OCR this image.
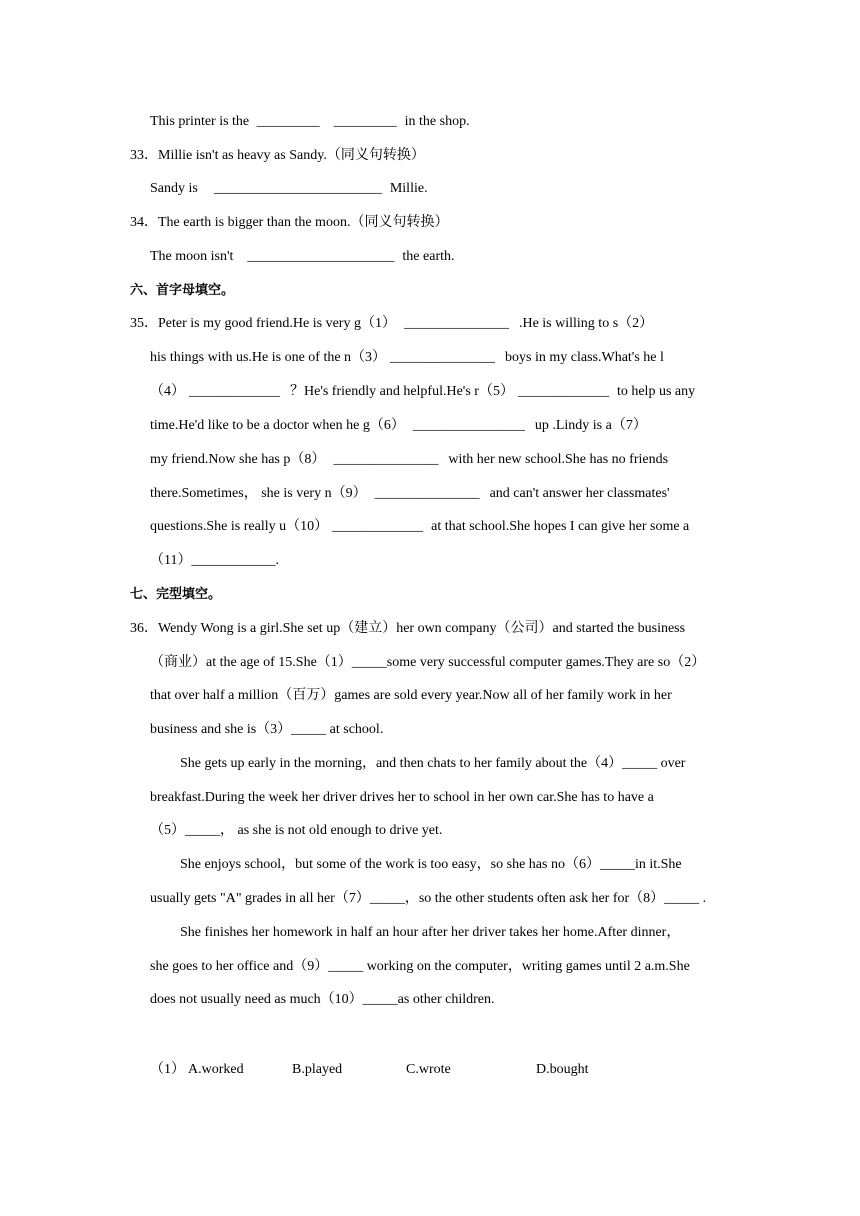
This printer is the _________ _________ in the shop.
33．Millie isn't as heavy as Sandy.（同义句转换）
Sandy is ________________________ Millie.
34．The earth is bigger than the moon.（同义句转换）
The moon isn't _____________________ the earth.
六、首字母填空。
35．Peter is my good friend.He is very g（1） _______________ .He is willing to s（2）
his things with us.He is one of the n（3） _______________ boys in my class.What's he l
（4） _____________ ？He's friendly and helpful.He's r（5） _____________ to help us any
time.He'd like to be a doctor when he g（6） ________________ up .Lindy is a（7）
my friend.Now she has p（8） _______________ with her new school.She has no friends
there.Sometimes， she is very n（9） _______________ and can't answer her classmates'
questions.She is really u（10） _____________ at that school.She hopes I can give her some a
（11）____________.
七、完型填空。
36．Wendy Wong is a girl.She set up（建立）her own company（公司）and started the business
（商业）at the age of 15.She（1）_____some very successful computer games.They are so（2）
that over half a million（百万）games are sold every year.Now all of her family work in her
business and she is（3）_____ at school.
She gets up early in the morning，and then chats to her family about the（4）_____ over
breakfast.During the week her driver drives her to school in her own car.She has to have a
（5）_____， as she is not old enough to drive yet.
She enjoys school，but some of the work is too easy，so she has no（6）_____in it.She
usually gets "A" grades in all her（7）_____，so the other students often ask her for（8）_____ .
She finishes her homework in half an hour after her driver takes her home.After dinner，
she goes to her office and（9）_____ working on the computer，writing games until 2 a.m.She
does not usually need as much（10）_____as other children.
（1） A.worked	B.played	C.wrote	D.bought
